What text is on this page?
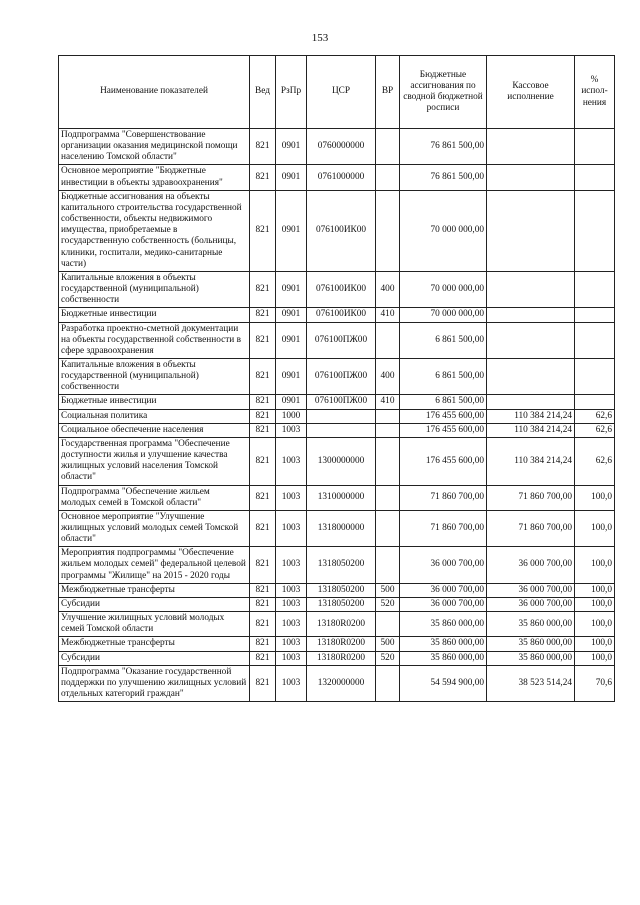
153
Наименование показателей	Вед	РзПр	ЦСР	ВР	Бюджетные ассигнования по сводной бюджетной росписи	Кассовое исполнение	% испол-нения
Подпрограмма "Совершенствование организации оказания медицинской помощи населению Томской области"	821	0901	0760000000		76 861 500,00		
Основное мероприятие "Бюджетные инвестиции в объекты здравоохранения"	821	0901	0761000000		76 861 500,00		
Бюджетные ассигнования на объекты капитального строительства государственной собственности, объекты недвижимого имущества, приобретаемые в государственную собственность (больницы, клиники, госпитали, медико-санитарные части)	821	0901	076100ИК00		70 000 000,00		
Капитальные вложения в объекты государственной (муниципальной) собственности	821	0901	076100ИК00	400	70 000 000,00		
Бюджетные инвестиции	821	0901	076100ИК00	410	70 000 000,00		
Разработка проектно-сметной документации на объекты государственной собственности в сфере здравоохранения	821	0901	076100ПЖ00		6 861 500,00		
Капитальные вложения в объекты государственной (муниципальной) собственности	821	0901	076100ПЖ00	400	6 861 500,00		
Бюджетные инвестиции	821	0901	076100ПЖ00	410	6 861 500,00		
Социальная политика	821	1000			176 455 600,00	110 384 214,24	62,6
Социальное обеспечение населения	821	1003			176 455 600,00	110 384 214,24	62,6
Государственная программа "Обеспечение доступности жилья и улучшение качества жилищных условий населения Томской области"	821	1003	1300000000		176 455 600,00	110 384 214,24	62,6
Подпрограмма "Обеспечение жильем молодых семей в Томской области"	821	1003	1310000000		71 860 700,00	71 860 700,00	100,0
Основное мероприятие "Улучшение жилищных условий молодых семей Томской области"	821	1003	1318000000		71 860 700,00	71 860 700,00	100,0
Мероприятия подпрограммы "Обеспечение жильем молодых семей" федеральной целевой программы "Жилище" на 2015 - 2020 годы	821	1003	1318050200		36 000 700,00	36 000 700,00	100,0
Межбюджетные трансферты	821	1003	1318050200	500	36 000 700,00	36 000 700,00	100,0
Субсидии	821	1003	1318050200	520	36 000 700,00	36 000 700,00	100,0
Улучшение жилищных условий молодых семей Томской области	821	1003	13180R0200		35 860 000,00	35 860 000,00	100,0
Межбюджетные трансферты	821	1003	13180R0200	500	35 860 000,00	35 860 000,00	100,0
Субсидии	821	1003	13180R0200	520	35 860 000,00	35 860 000,00	100,0
Подпрограмма "Оказание государственной поддержки по улучшению жилищных условий отдельных категорий граждан"	821	1003	1320000000		54 594 900,00	38 523 514,24	70,6
